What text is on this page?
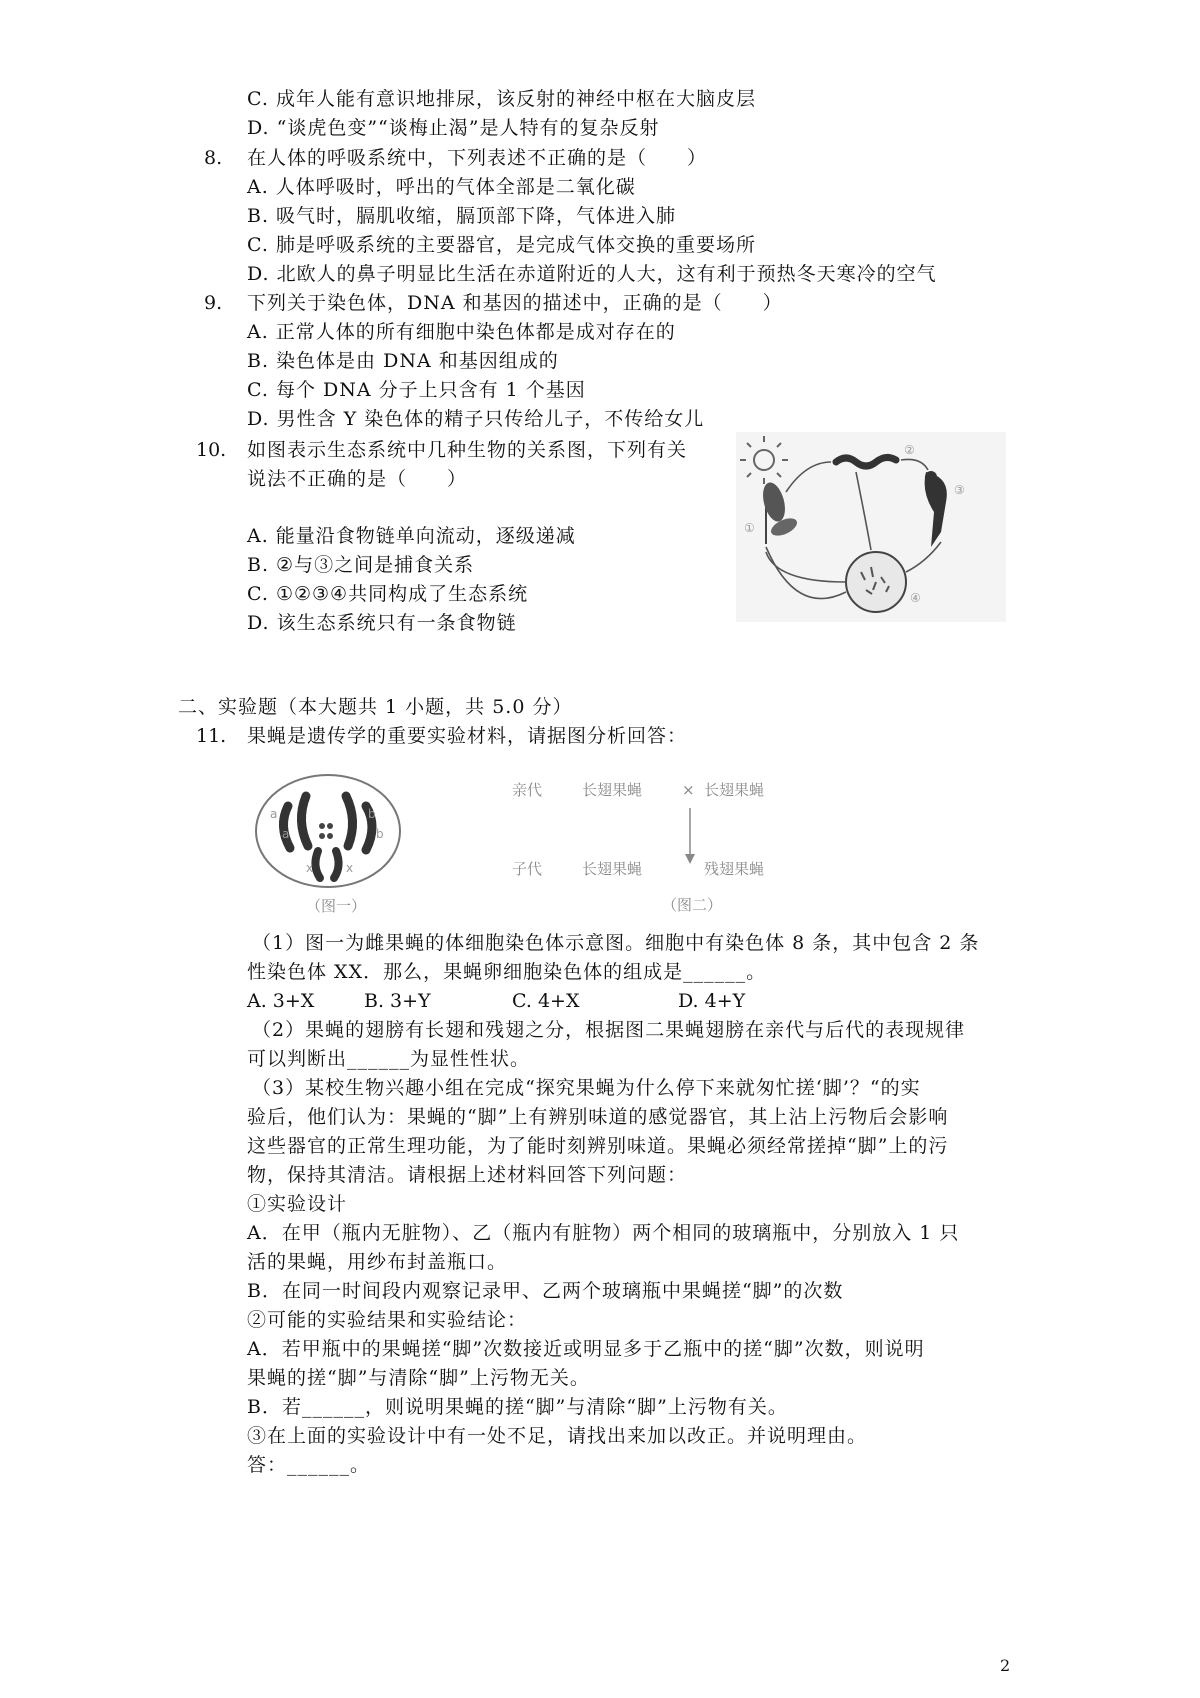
C. 成年人能有意识地排尿，该反射的神经中枢在大脑皮层
D. “谈虎色变”“谈梅止渴”是人特有的复杂反射
8. 在人体的呼吸系统中，下列表述不正确的是（　　）
A. 人体呼吸时，呼出的气体全部是二氧化碳
B. 吸气时，膈肌收缩，膈顶部下降，气体进入肺
C. 肺是呼吸系统的主要器官，是完成气体交换的重要场所
D. 北欧人的鼻子明显比生活在赤道附近的人大，这有利于预热冬天寒冷的空气
9. 下列关于染色体，DNA 和基因的描述中，正确的是（　　）
A. 正常人体的所有细胞中染色体都是成对存在的
B. 染色体是由 DNA 和基因组成的
C. 每个 DNA 分子上只含有 1 个基因
D. 男性含 Y 染色体的精子只传给儿子，不传给女儿
10. 如图表示生态系统中几种生物的关系图，下列有关
说法不正确的是（　　）
A. 能量沿食物链单向流动，逐级递减
B. ②与③之间是捕食关系
C. ①②③④共同构成了生态系统
D. 该生态系统只有一条食物链
①
②
③
④
二、实验题（本大题共 1 小题，共 5.0 分）
11. 果蝇是遗传学的重要实验材料，请据图分析回答：
a
a
b
b
x	x
（图一）
亲代	长翅果蝇	× 长翅果蝇
子代	长翅果蝇	残翅果蝇
（图二）
（1）图一为雌果蝇的体细胞染色体示意图。细胞中有染色体 8 条，其中包含 2 条
性染色体 XX．那么，果蝇卵细胞染色体的组成是______。
A. 3+X	B. 3+Y	C. 4+X	D. 4+Y
（2）果蝇的翅膀有长翅和残翅之分，根据图二果蝇翅膀在亲代与后代的表现规律
可以判断出______为显性性状。
（3）某校生物兴趣小组在完成“探究果蝇为什么停下来就匆忙搓‘脚’？“的实
验后，他们认为：果蝇的“脚”上有辨别味道的感觉器官，其上沾上污物后会影响
这些器官的正常生理功能，为了能时刻辨别味道。果蝇必须经常搓掉“脚”上的污
物，保持其清洁。请根据上述材料回答下列问题：
①实验设计
A．在甲（瓶内无脏物）、乙（瓶内有脏物）两个相同的玻璃瓶中，分别放入 1 只
活的果蝇，用纱布封盖瓶口。
B．在同一时间段内观察记录甲、乙两个玻璃瓶中果蝇搓“脚”的次数
②可能的实验结果和实验结论：
A．若甲瓶中的果蝇搓“脚”次数接近或明显多于乙瓶中的搓“脚”次数，则说明
果蝇的搓“脚”与清除“脚”上污物无关。
B．若______，则说明果蝇的搓“脚”与清除“脚”上污物有关。
③在上面的实验设计中有一处不足，请找出来加以改正。并说明理由。
答：______。
2
